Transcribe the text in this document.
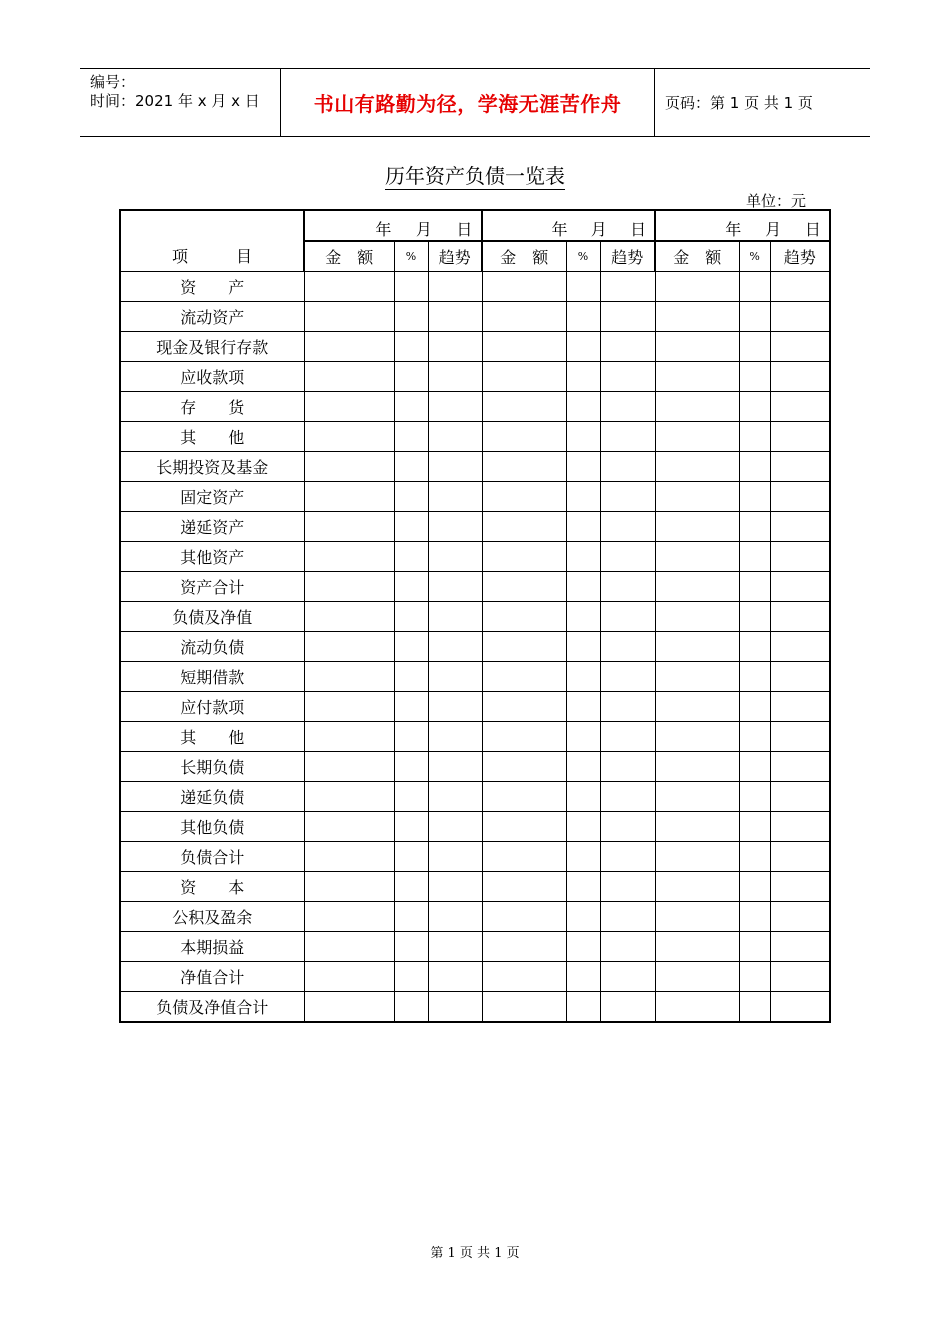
编号：
时间：2021 年 x 月 x 日	书山有路勤为径，学海无涯苦作舟	页码：第 1 页 共 1 页
历年资产负债一览表
单位：元
项　　　目	年 月 日			年 月 日			年 月 日		

	金　额	%	趋势	金　额	%	趋势	金　额	%	趋势
资　　产									
流动资产									
现金及银行存款									
应收款项									
存　　货									
其　　他									
长期投资及基金									
固定资产									
递延资产									
其他资产									
资产合计									
负债及净值									
流动负债									
短期借款									
应付款项									
其　　他									
长期负债									
递延负债									
其他负债									
负债合计									
资　　本									
公积及盈余									
本期损益									
净值合计									
负债及净值合计									
第 1 页 共 1 页
